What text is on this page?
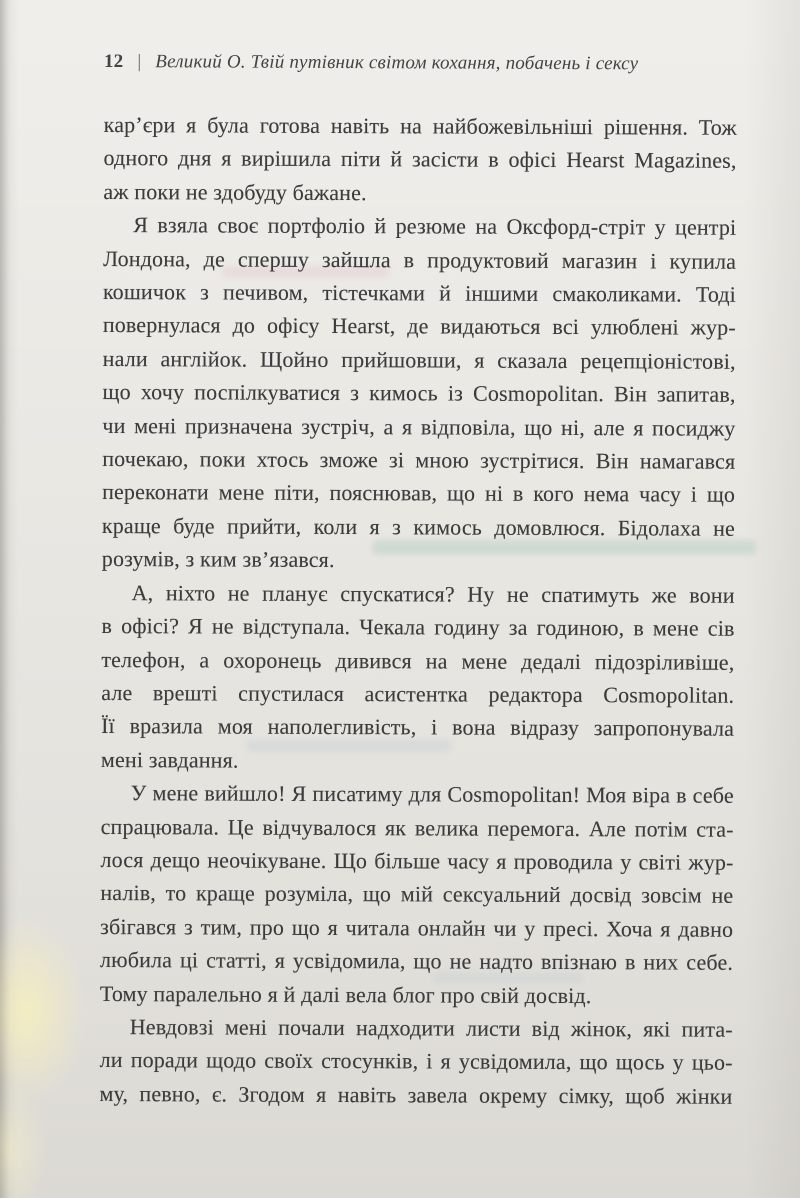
12 | Великий О. Твій путівник світом кохання, побачень і сексу
кар’єри я була готова навіть на найбожевільніші рішення. Тож
одного дня я вирішила піти й засісти в офісі Hearst Magazines,
аж поки не здобуду бажане.
Я взяла своє портфоліо й резюме на Оксфорд-стріт у центрі
Лондона, де спершу зайшла в продуктовий магазин і купила
кошичок з печивом, тістечками й іншими смаколиками. Тоді
повернулася до офісу Hearst, де видаються всі улюблені жур-
нали англійок. Щойно прийшовши, я сказала рецепціоністові,
що хочу поспілкуватися з кимось із Cosmopolitan. Він запитав,
чи мені призначена зустріч, а я відповіла, що ні, але я посиджу
почекаю, поки хтось зможе зі мною зустрітися. Він намагався
переконати мене піти, пояснював, що ні в кого нема часу і що
краще буде прийти, коли я з кимось домовлюся. Бідолаха не
розумів, з ким зв’язався.
А, ніхто не планує спускатися? Ну не спатимуть же вони
в офісі? Я не відступала. Чекала годину за годиною, в мене сів
телефон, а охоронець дивився на мене дедалі підозріливіше,
але врешті спустилася асистентка редактора Cosmopolitan.
Її вразила моя наполегливість, і вона відразу запропонувала
мені завдання.
У мене вийшло! Я писатиму для Cosmopolitan! Моя віра в себе
спрацювала. Це відчувалося як велика перемога. Але потім ста-
лося дещо неочікуване. Що більше часу я проводила у світі жур-
налів, то краще розуміла, що мій сексуальний досвід зовсім не
збігався з тим, про що я читала онлайн чи у пресі. Хоча я давно
любила ці статті, я усвідомила, що не надто впізнаю в них себе.
Тому паралельно я й далі вела блог про свій досвід.
Невдовзі мені почали надходити листи від жінок, які пита-
ли поради щодо своїх стосунків, і я усвідомила, що щось у цьо-
му, певно, є. Згодом я навіть завела окрему сімку, щоб жінки
